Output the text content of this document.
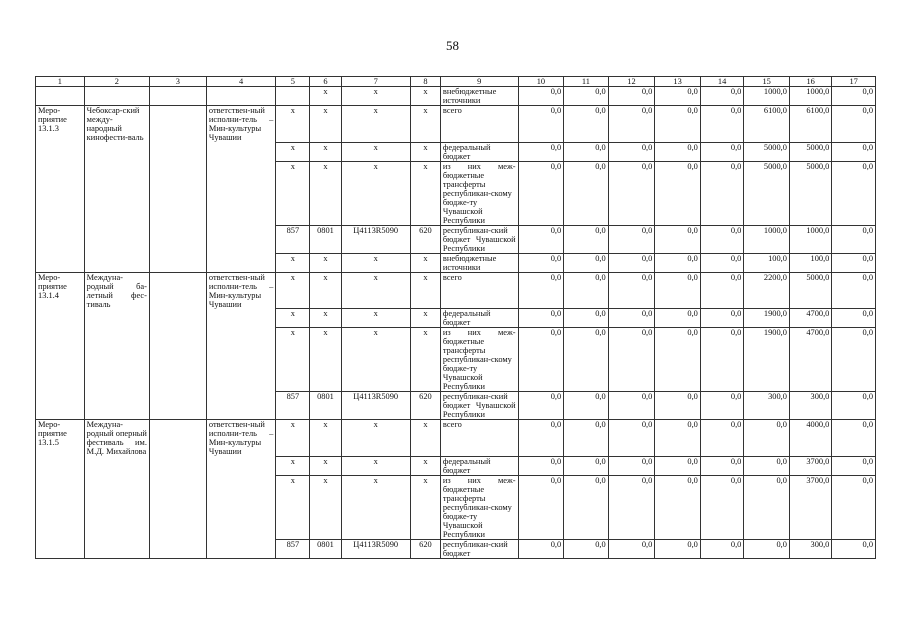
58
1	2	3	4	5	6	7	8	9	10	11	12	13	14	15	16	17
					x	x	x	внебюджетные источники	0,0	0,0	0,0	0,0	0,0	1000,0	1000,0	0,0
Меро-приятие 13.1.3	Чебоксар-ский между-народный кинофести-валь		ответствен-ный исполни-тель – Мин-культуры Чувашии	x	x	x	x	всего	0,0	0,0	0,0	0,0	0,0	6100,0	6100,0	0,0
				x	x	x	x	федеральный бюджет	0,0	0,0	0,0	0,0	0,0	5000,0	5000,0	0,0
				x	x	x	x	из них меж-бюджетные трансферты республикан-скому бюдже-ту Чувашской Республики	0,0	0,0	0,0	0,0	0,0	5000,0	5000,0	0,0
				857	0801	Ц4113R5090	620	республикан-ский бюджет Чувашской Республики	0,0	0,0	0,0	0,0	0,0	1000,0	1000,0	0,0
				x	x	x	x	внебюджетные источники	0,0	0,0	0,0	0,0	0,0	100,0	100,0	0,0
Меро-приятие 13.1.4	Междуна-родный ба-летный фес-тиваль		ответствен-ный исполни-тель – Мин-культуры Чувашии	x	x	x	x	всего	0,0	0,0	0,0	0,0	0,0	2200,0	5000,0	0,0
				x	x	x	x	федеральный бюджет	0,0	0,0	0,0	0,0	0,0	1900,0	4700,0	0,0
				x	x	x	x	из них меж-бюджетные трансферты республикан-скому бюдже-ту Чувашской Республики	0,0	0,0	0,0	0,0	0,0	1900,0	4700,0	0,0
				857	0801	Ц4113R5090	620	республикан-ский бюджет Чувашской Республики	0,0	0,0	0,0	0,0	0,0	300,0	300,0	0,0
Меро-приятие 13.1.5	Междуна-родный оперный фестиваль им. М.Д. Михайлова		ответствен-ный исполни-тель – Мин-культуры Чувашии	x	x	x	x	всего	0,0	0,0	0,0	0,0	0,0	0,0	4000,0	0,0
				x	x	x	x	федеральный бюджет	0,0	0,0	0,0	0,0	0,0	0,0	3700,0	0,0
				x	x	x	x	из них меж-бюджетные трансферты республикан-скому бюдже-ту Чувашской Республики	0,0	0,0	0,0	0,0	0,0	0,0	3700,0	0,0
				857	0801	Ц4113R5090	620	республикан-ский бюджет	0,0	0,0	0,0	0,0	0,0	0,0	300,0	0,0
